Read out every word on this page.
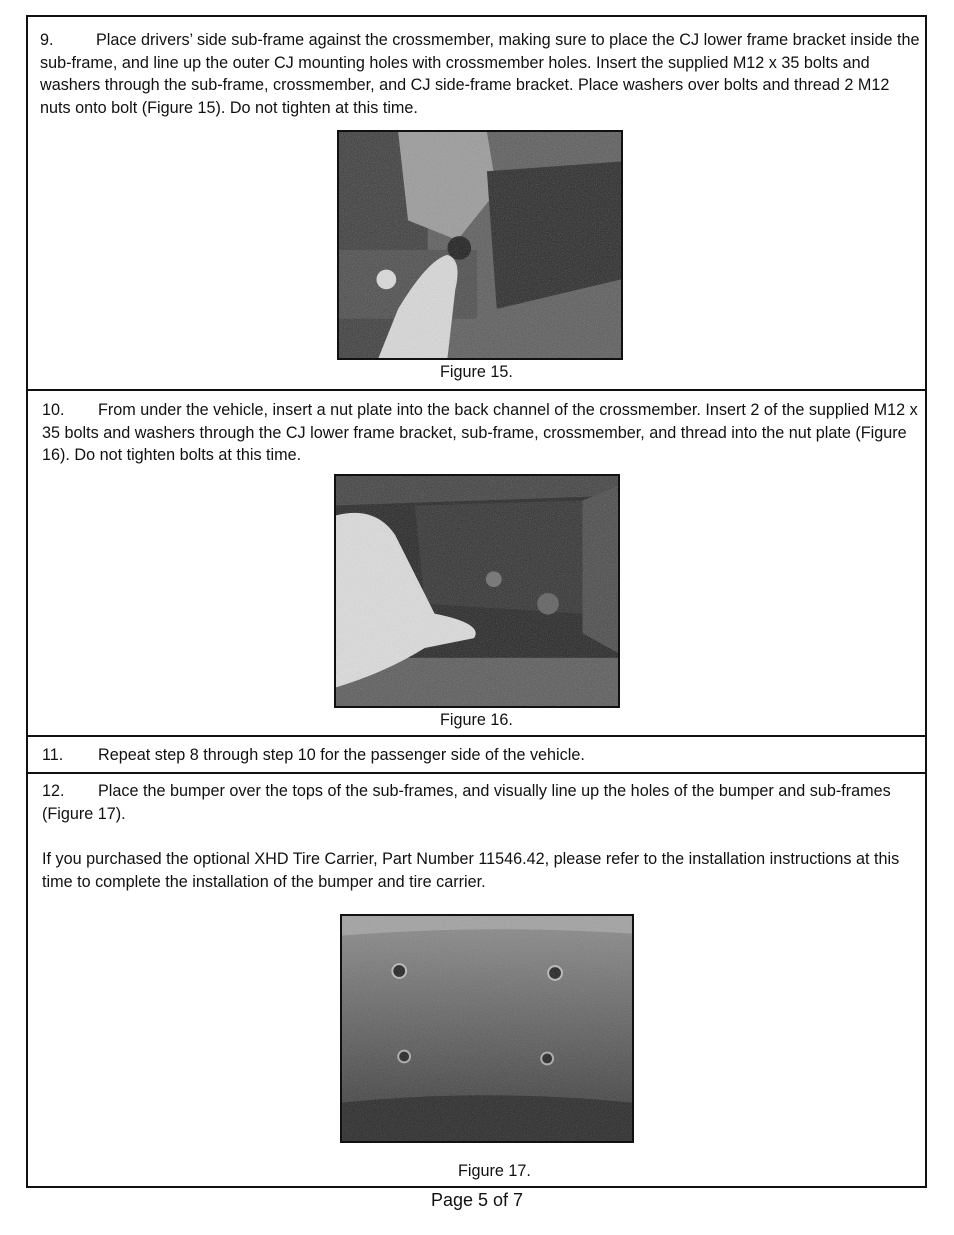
9.	Place drivers’ side sub-frame against the crossmember, making sure to place the CJ lower frame bracket inside the sub-frame, and line up the outer CJ mounting holes with crossmember holes. Insert the supplied M12 x 35 bolts and washers through the sub-frame, crossmember, and CJ side-frame bracket. Place washers over bolts and thread 2 M12 nuts onto bolt (Figure 15). Do not tighten at this time.

Figure 15.

10. From under the vehicle, insert a nut plate into the back channel of the crossmember. Insert 2 of the supplied M12 x 35 bolts and washers through the CJ lower frame bracket, sub-frame, crossmember, and thread into the nut plate (Figure 16). Do not tighten bolts at this time.

Figure 16.

11. Repeat step 8 through step 10 for the passenger side of the vehicle.

12. Place the bumper over the tops of the sub-frames, and visually line up the holes of the bumper and sub-frames (Figure 17).

If you purchased the optional XHD Tire Carrier, Part Number 11546.42, please refer to the installation instructions at this time to complete the installation of the bumper and tire carrier.

Figure 17.
Page 5 of 7
